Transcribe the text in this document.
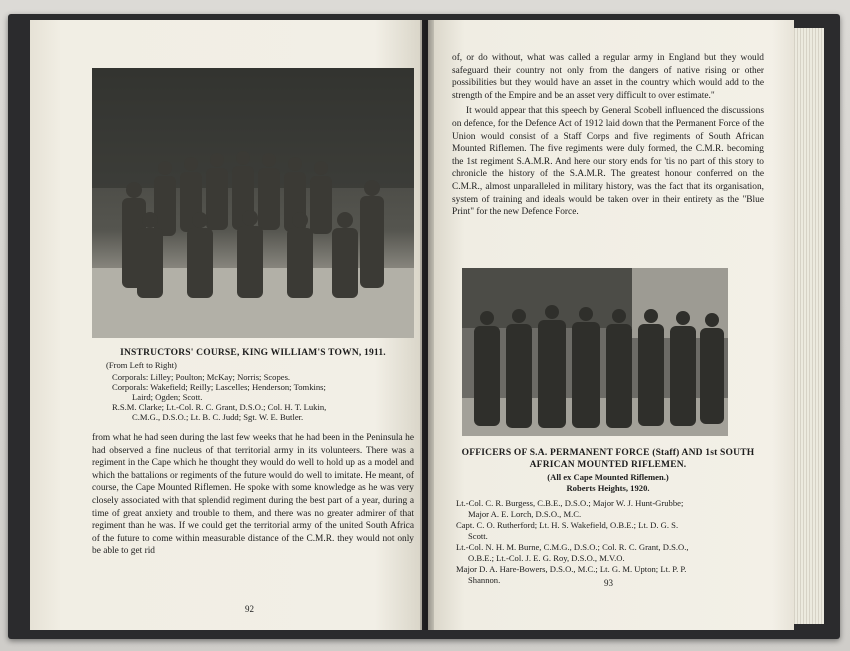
INSTRUCTORS' COURSE, KING WILLIAM'S TOWN, 1911.
(From Left to Right)
Corporals: Lilley; Poulton; McKay; Norris; Scopes.
Corporals: Wakefield; Reilly; Lascelles; Henderson; Tomkins;
Laird; Ogden; Scott.
R.S.M. Clarke; Lt.-Col. R. C. Grant, D.S.O.; Col. H. T. Lukin,
C.M.G., D.S.O.; Lt. B. C. Judd; Sgt. W. E. Butler.

from what he had seen during the last few weeks that he had been in the Peninsula he had observed a fine nucleus of that territorial army in its volunteers. There was a regiment in the Cape which he thought they would do well to hold up as a model and which the battalions or regiments of the future would do well to imitate. He meant, of course, the Cape Mounted Riflemen. He spoke with some knowledge as he was very closely associated with that splendid regiment during the best part of a year, during a time of great anxiety and trouble to them, and there was no greater admirer of that regiment than he was. If we could get the territorial army of the united South Africa of the future to come within measurable distance of the C.M.R. they would not only be able to get rid

92

of, or do without, what was called a regular army in England but they would safeguard their country not only from the dangers of native rising or other possibilities but they would have an asset in the country which would add to the strength of the Empire and be an asset very difficult to over estimate."

It would appear that this speech by General Scobell influenced the discussions on defence, for the Defence Act of 1912 laid down that the Permanent Force of the Union would consist of a Staff Corps and five regiments of South African Mounted Riflemen. The five regiments were duly formed, the C.M.R. becoming the 1st regiment S.A.M.R. And here our story ends for 'tis no part of this story to chronicle the history of the S.A.M.R. The greatest honour conferred on the C.M.R., almost unparalleled in military history, was the fact that its organisation, system of training and ideals would be taken over in their entirety as the "Blue Print" for the new Defence Force.

OFFICERS OF S.A. PERMANENT FORCE (Staff) AND 1st SOUTH
AFRICAN MOUNTED RIFLEMEN.
(All ex Cape Mounted Riflemen.)
Roberts Heights, 1920.
Lt.-Col. C. R. Burgess, C.B.E., D.S.O.; Major W. J. Hunt-Grubbe;
Major A. E. Lorch, D.S.O., M.C.
Capt. C. O. Rutherford; Lt. H. S. Wakefield, O.B.E.; Lt. D. G. S.
Scott.
Lt.-Col. N. H. M. Burne, C.M.G., D.S.O.; Col. R. C. Grant, D.S.O.,
O.B.E.; Lt.-Col. J. E. G. Roy, D.S.O., M.V.O.
Major D. A. Hare-Bowers, D.S.O., M.C.; Lt. G. M. Upton; Lt. P. P.
Shannon.	93
